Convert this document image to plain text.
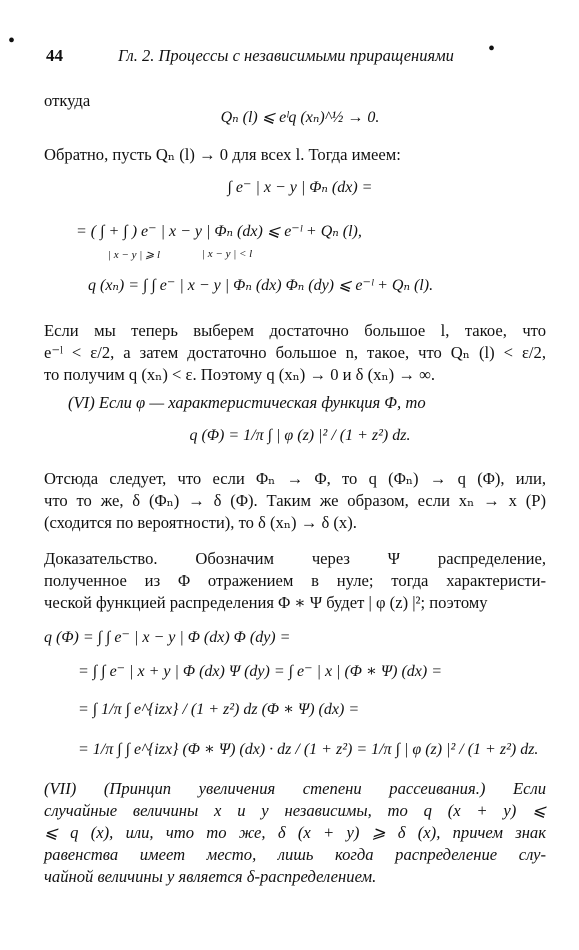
•
44	Гл. 2. Процессы с независимыми приращениями •
откуда
Qₙ (l) ⩽ eˡq (xₙ)^½ → 0.
Обратно, пусть Qₙ (l) → 0 для всех l. Тогда имеем:
∫ e⁻ | x − y | Φₙ (dx) =
= ( ∫ + ∫ ) e⁻ | x − y | Φₙ (dx) ⩽ e⁻ˡ + Qₙ (l),
| x − y | ⩾ l	| x − y | < l
q (xₙ) = ∫ ∫ e⁻ | x − y | Φₙ (dx) Φₙ (dy) ⩽ e⁻ˡ + Qₙ (l).
Если мы теперь выберем достаточно большое l, такое, что
e⁻ˡ < ε/2, а затем достаточно большое n, такое, что Qₙ (l) < ε/2,
то получим q (xₙ) < ε. Поэтому q (xₙ) → 0 и δ (xₙ) → ∞.
(VI) Если φ — характеристическая функция Φ, то
q (Φ) = 1/π ∫ | φ (z) |² / (1 + z²) dz.
Отсюда следует, что если Φₙ → Φ, то q (Φₙ) → q (Φ), или,
что то же, δ (Φₙ) → δ (Φ). Таким же образом, если xₙ → x (P)
(сходится по вероятности), то δ (xₙ) → δ (x).
Доказательство. Обозначим через Ψ распределение,
полученное из Φ отражением в нуле; тогда характеристи-
ческой функцией распределения Φ ∗ Ψ будет | φ (z) |²; поэтому
q (Φ) = ∫ ∫ e⁻ | x − y | Φ (dx) Φ (dy) =
= ∫ ∫ e⁻ | x + y | Φ (dx) Ψ (dy) = ∫ e⁻ | x | (Φ ∗ Ψ) (dx) =
= ∫ 1/π ∫ e^{izx} / (1 + z²) dz (Φ ∗ Ψ) (dx) =
= 1/π ∫ ∫ e^{izx} (Φ ∗ Ψ) (dx) · dz / (1 + z²) = 1/π ∫ | φ (z) |² / (1 + z²) dz.
(VII) (Принцип увеличения степени рассеивания.) Если
случайные величины x и y независимы, то q (x + y) ⩽
⩽ q (x), или, что то же, δ (x + y) ⩾ δ (x), причем знак
равенства имеет место, лишь когда распределение слу-
чайной величины y является δ-распределением.
